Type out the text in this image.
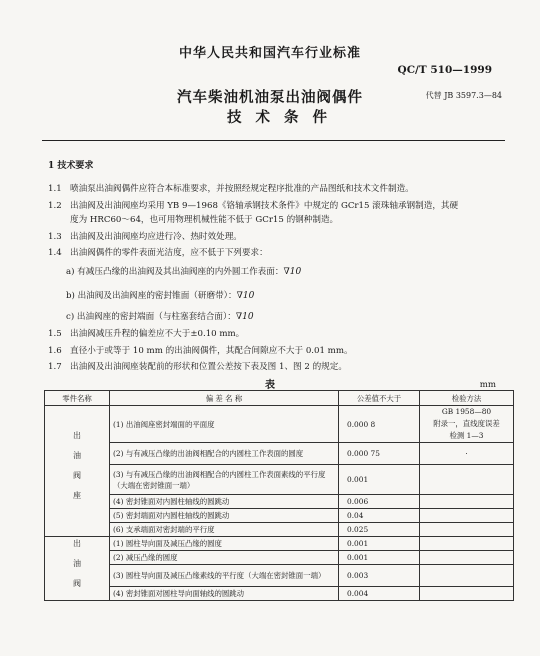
中华人民共和国汽车行业标准
QC/T 510—1999
汽车柴油机油泵出油阀偶件
技术条件
代替 JB 3597.3—84
1 技术要求
1.1 喷油泵出油阀偶件应符合本标准要求，并按照经规定程序批准的产品图纸和技术文件制造。
1.2 出油阀及出油阀座均采用 YB 9—1968《铬轴承钢技术条件》中规定的 GCr15 滚珠轴承钢制造，其硬
度为 HRC60～64，也可用物理机械性能不低于 GCr15 的钢种制造。
1.3 出油阀及出油阀座均应进行冷、热时效处理。
1.4 出油阀偶件的零件表面光洁度，应不低于下列要求：
a) 有减压凸缘的出油阀及其出油阀座的内外圆工作表面：∇10
b) 出油阀及出油阀座的密封锥面（研磨带）：∇10
c) 出油阀座的密封端面（与柱塞套结合面）：∇10
1.5 出油阀减压升程的偏差应不大于±0.10 mm。
1.6 直径小于或等于 10 mm 的出油阀偶件，其配合间隙应不大于 0.01 mm。
1.7 出油阀及出油阀座装配前的形状和位置公差按下表及图 1、图 2 的规定。
表	mm
零件名称	偏 差 名 称	公差值不大于	检验方法
出油阀座	(1) 出油阀座密封端面的平面度	0.000 8	GB 1958—80
附录一，直线度误差
检测 1—3

	(2) 与有减压凸缘的出油阀相配合的内圆柱工作表面的圆度	0.000 75	·

	(3) 与有减压凸缘的出油阀相配合的内圆柱工作表面素线的平行度（大端在密封锥面一端）	0.001	
	(4) 密封锥面对内圆柱轴线的圆跳动	0.006	
	(5) 密封端面对内圆柱轴线的圆跳动	0.04	
	(6) 支承端面对密封端的平行度	0.025	
出油阀	(1) 圆柱导向面及减压凸缘的圆度	0.001	
	(2) 减压凸缘的圆度	0.001	
	(3) 圆柱导向面及减压凸缘素线的平行度（大端在密封锥面一端）	0.003	
	(4) 密封锥面对圆柱导向面轴线的圆跳动	0.004	
